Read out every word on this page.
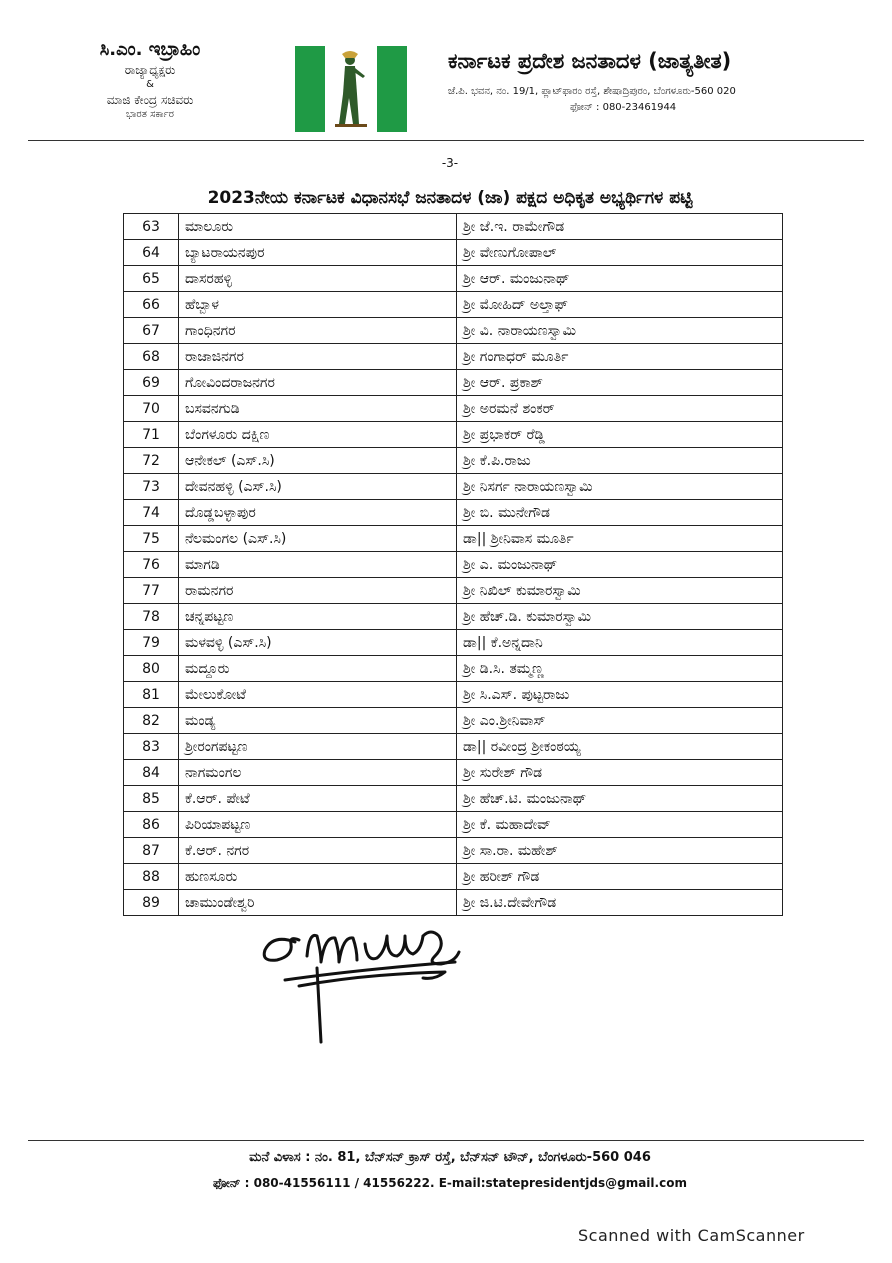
ಸಿ.ಎಂ. ಇಬ್ರಾಹಿಂ
ರಾಜ್ಯಾಧ್ಯಕ್ಷರು
&
ಮಾಜಿ ಕೇಂದ್ರ ಸಚಿವರು
ಭಾರತ ಸರ್ಕಾರ
ಕರ್ನಾಟಕ ಪ್ರದೇಶ ಜನತಾದಳ (ಜಾತ್ಯತೀತ)
ಜೆ.ಪಿ. ಭವನ, ನಂ. 19/1, ಪ್ಲಾಟ್‌ಫಾರಂ ರಸ್ತೆ, ಶೇಷಾದ್ರಿಪುರಂ, ಬೆಂಗಳೂರು-560 020
ಫೋನ್ : 080-23461944
-3-
2023ನೇಯ ಕರ್ನಾಟಕ ವಿಧಾನಸಭೆ ಜನತಾದಳ (ಜಾ) ಪಕ್ಷದ ಅಧಿಕೃತ ಅಭ್ಯರ್ಥಿಗಳ ಪಟ್ಟಿ
63	ಮಾಲೂರು	ಶ್ರೀ ಜೆ.ಇ. ರಾಮೇಗೌಡ
64	ಬ್ಯಾಟರಾಯನಪುರ	ಶ್ರೀ ವೇಣುಗೋಪಾಲ್
65	ದಾಸರಹಳ್ಳಿ	ಶ್ರೀ ಆರ್. ಮಂಜುನಾಥ್
66	ಹೆಬ್ಬಾಳ	ಶ್ರೀ ಮೋಹಿದ್ ಅಲ್ತಾಫ್
67	ಗಾಂಧಿನಗರ	ಶ್ರೀ ವಿ. ನಾರಾಯಣಸ್ವಾಮಿ
68	ರಾಜಾಜಿನಗರ	ಶ್ರೀ ಗಂಗಾಧರ್ ಮೂರ್ತಿ
69	ಗೋವಿಂದರಾಜನಗರ	ಶ್ರೀ ಆರ್. ಪ್ರಕಾಶ್
70	ಬಸವನಗುಡಿ	ಶ್ರೀ ಅರಮನೆ ಶಂಕರ್
71	ಬೆಂಗಳೂರು ದಕ್ಷಿಣ	ಶ್ರೀ ಪ್ರಭಾಕರ್ ರೆಡ್ಡಿ
72	ಆನೇಕಲ್ (ಎಸ್.ಸಿ)	ಶ್ರೀ ಕೆ.ಪಿ.ರಾಜು
73	ದೇವನಹಳ್ಳಿ (ಎಸ್.ಸಿ)	ಶ್ರೀ ನಿಸರ್ಗ ನಾರಾಯಣಸ್ವಾಮಿ
74	ದೊಡ್ಡಬಳ್ಳಾಪುರ	ಶ್ರೀ ಬಿ. ಮುನೇಗೌಡ
75	ನೆಲಮಂಗಲ (ಎಸ್.ಸಿ)	ಡಾ|| ಶ್ರೀನಿವಾಸ ಮೂರ್ತಿ
76	ಮಾಗಡಿ	ಶ್ರೀ ಎ. ಮಂಜುನಾಥ್
77	ರಾಮನಗರ	ಶ್ರೀ ನಿಖಿಲ್ ಕುಮಾರಸ್ವಾಮಿ
78	ಚನ್ನಪಟ್ಟಣ	ಶ್ರೀ ಹೆಚ್.ಡಿ. ಕುಮಾರಸ್ವಾಮಿ
79	ಮಳವಳ್ಳಿ (ಎಸ್.ಸಿ)	ಡಾ|| ಕೆ.ಅನ್ನದಾನಿ
80	ಮದ್ದೂರು	ಶ್ರೀ ಡಿ.ಸಿ. ತಮ್ಮಣ್ಣ
81	ಮೇಲುಕೋಟೆ	ಶ್ರೀ ಸಿ.ಎಸ್. ಪುಟ್ಟರಾಜು
82	ಮಂಡ್ಯ	ಶ್ರೀ ಎಂ.ಶ್ರೀನಿವಾಸ್
83	ಶ್ರೀರಂಗಪಟ್ಟಣ	ಡಾ|| ರವೀಂದ್ರ ಶ್ರೀಕಂಠಯ್ಯ
84	ನಾಗಮಂಗಲ	ಶ್ರೀ ಸುರೇಶ್ ಗೌಡ
85	ಕೆ.ಆರ್. ಪೇಟೆ	ಶ್ರೀ ಹೆಚ್.ಟಿ. ಮಂಜುನಾಥ್
86	ಪಿರಿಯಾಪಟ್ಟಣ	ಶ್ರೀ ಕೆ. ಮಹಾದೇವ್
87	ಕೆ.ಆರ್. ನಗರ	ಶ್ರೀ ಸಾ.ರಾ. ಮಹೇಶ್
88	ಹುಣಸೂರು	ಶ್ರೀ ಹರೀಶ್ ಗೌಡ
89	ಚಾಮುಂಡೇಶ್ವರಿ	ಶ್ರೀ ಜಿ.ಟಿ.ದೇವೇಗೌಡ
ಮನೆ ವಿಳಾಸ : ನಂ. 81, ಬೆನ್‌ಸನ್ ಕ್ರಾಸ್ ರಸ್ತೆ, ಬೆನ್‌ಸನ್ ಟೌನ್, ಬೆಂಗಳೂರು-560 046
ಫೋನ್ : 080-41556111 / 41556222. E-mail:statepresidentjds@gmail.com
Scanned with CamScanner
